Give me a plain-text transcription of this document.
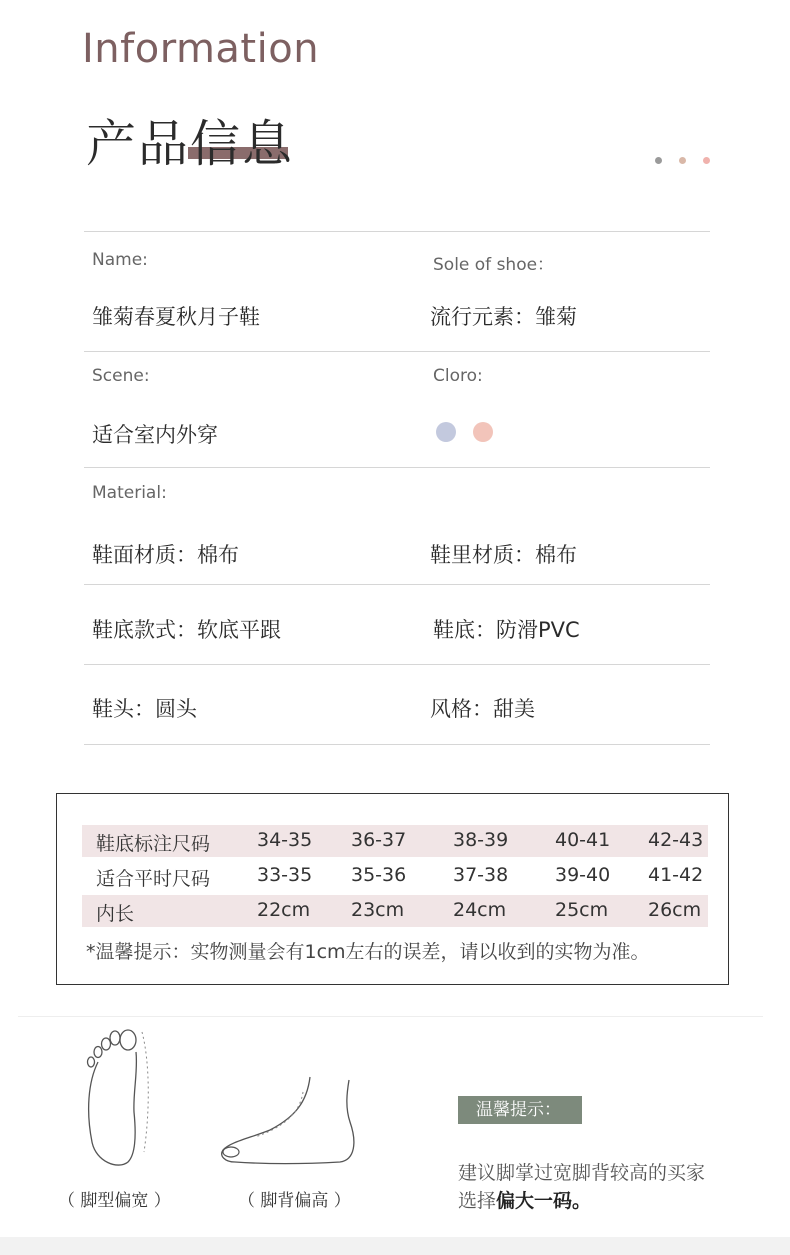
Information
产品信息
Name:	Sole of shoe：
雏菊春夏秋月子鞋	流行元素：雏菊
Scene:	Cloro:
适合室内外穿
Material:
鞋面材质：棉布	鞋里材质：棉布
鞋底款式：软底平跟	鞋底：防滑PVC
鞋头：圆头	风格：甜美
鞋底标注尺码 34-35 36-37 38-39 40-41 42-43
适合平时尺码 33-35 35-36 37-38 39-40 41-42
内长	22cm 23cm	24cm	25cm 26cm
*温馨提示：实物测量会有1cm左右的误差，请以收到的实物为准。
（ 脚型偏宽 ）	（ 脚背偏高 ）
温馨提示：
建议脚掌过宽脚背较高的买家
选择偏大一码。
